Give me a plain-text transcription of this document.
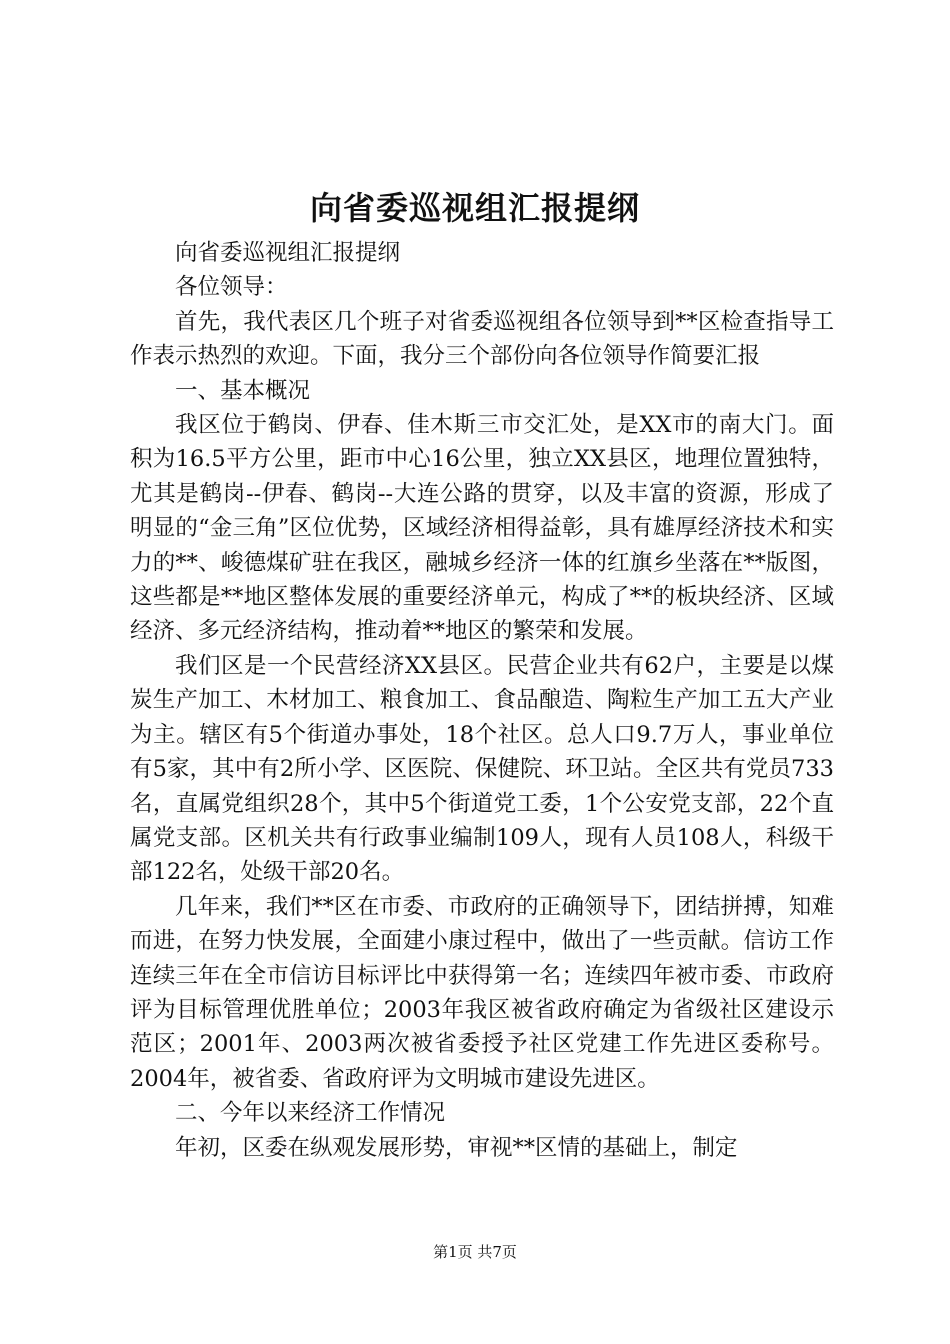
向省委巡视组汇报提纲

向省委巡视组汇报提纲

各位领导：

首先，我代表区几个班子对省委巡视组各位领导到**区检查指导工作表示热烈的欢迎。下面，我分三个部份向各位领导作简要汇报

一、基本概况

我区位于鹤岗、伊春、佳木斯三市交汇处，是XX市的南大门。面积为16.5平方公里，距市中心16公里，独立XX县区，地理位置独特，尤其是鹤岗--伊春、鹤岗--大连公路的贯穿，以及丰富的资源，形成了明显的“金三角”区位优势，区域经济相得益彰，具有雄厚经济技术和实力的**、峻德煤矿驻在我区，融城乡经济一体的红旗乡坐落在**版图，这些都是**地区整体发展的重要经济单元，构成了**的板块经济、区域经济、多元经济结构，推动着**地区的繁荣和发展。

我们区是一个民营经济XX县区。民营企业共有62户，主要是以煤炭生产加工、木材加工、粮食加工、食品酿造、陶粒生产加工五大产业为主。辖区有5个街道办事处，18个社区。总人口9.7万人，事业单位有5家，其中有2所小学、区医院、保健院、环卫站。全区共有党员733名，直属党组织28个，其中5个街道党工委，1个公安党支部，22个直属党支部。区机关共有行政事业编制109人，现有人员108人，科级干部122名，处级干部20名。

几年来，我们**区在市委、市政府的正确领导下，团结拼搏，知难而进，在努力快发展，全面建小康过程中，做出了一些贡献。信访工作连续三年在全市信访目标评比中获得第一名；连续四年被市委、市政府评为目标管理优胜单位；2003年我区被省政府确定为省级社区建设示范区；2001年、2003两次被省委授予社区党建工作先进区委称号。2004年，被省委、省政府评为文明城市建设先进区。

二、今年以来经济工作情况

年初，区委在纵观发展形势，审视**区情的基础上，制定

第1页 共7页
